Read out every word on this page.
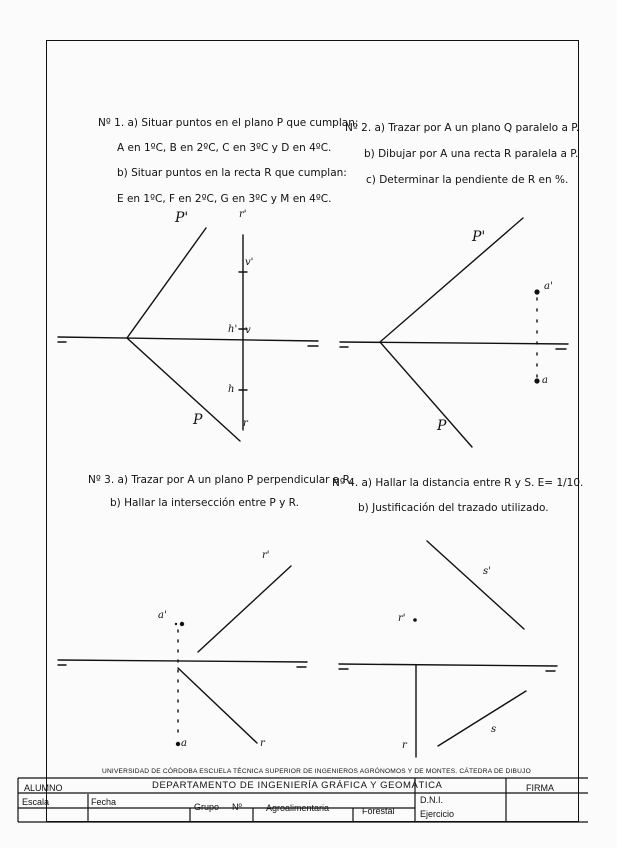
Nº 1. a) Situar puntos en el plano P que cumplan:
A en 1ºC, B en 2ºC, C en 3ºC y D en 4ºC.
b) Situar puntos en la recta R que cumplan:
E en 1ºC, F en 2ºC, G en 3ºC y M en 4ºC.
Nº 2. a) Trazar por A un plano Q paralelo a P.
b) Dibujar por A una recta R paralela a P.
c) Determinar la pendiente de R en %.
Nº 3. a) Trazar por A un plano P perpendicular a R.
b) Hallar la intersección entre P y R.
Nº 4. a) Hallar la distancia entre R y S. E= 1/10.
b) Justificación del trazado utilizado.
P'
P
r'
r
v'
v
h'
h
P'
P
a'
a
r'
r
a'
a
s'
s
r'
r
UNIVERSIDAD DE CÓRDOBA ESCUELA TÉCNICA SUPERIOR DE INGENIEROS AGRÓNOMOS Y DE MONTES. CÁTEDRA DE DIBUJO
DEPARTAMENTO DE INGENIERÍA GRÁFICA Y GEOMÁTICA
ALUMNO	FIRMA
D.N.I.
Escala	Fecha	Grupo Nº	Agroalimentaria	Forestal	Ejercicio
